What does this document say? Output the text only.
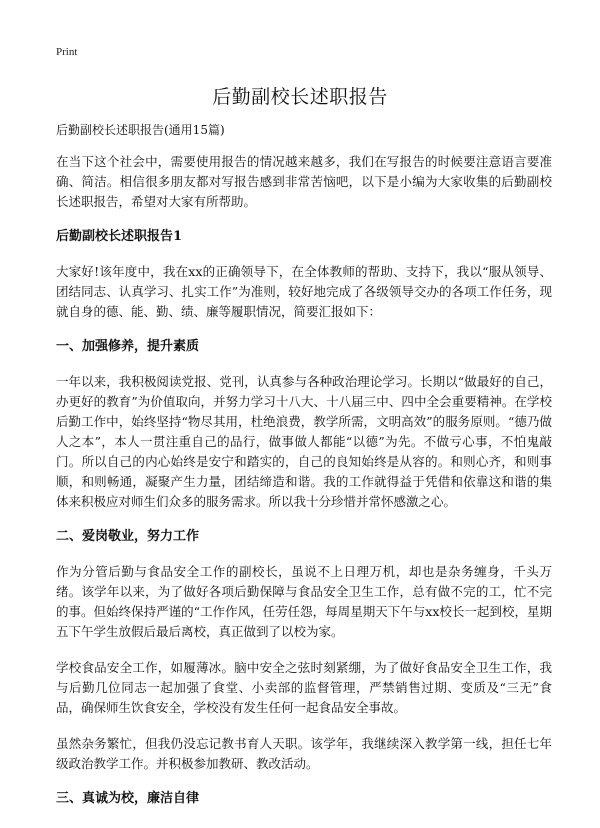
Print
后勤副校长述职报告
后勤副校长述职报告(通用15篇)

在当下这个社会中，需要使用报告的情况越来越多，我们在写报告的时候要注意语言要准确、简洁。相信很多朋友都对写报告感到非常苦恼吧，以下是小编为大家收集的后勤副校长述职报告，希望对大家有所帮助。

后勤副校长述职报告1

大家好!该年度中，我在xx的正确领导下，在全体教师的帮助、支持下，我以“服从领导、团结同志、认真学习、扎实工作”为准则，较好地完成了各级领导交办的各项工作任务，现就自身的德、能、勤、绩、廉等履职情况，简要汇报如下：

一、加强修养，提升素质

一年以来，我积极阅读党报、党刊，认真参与各种政治理论学习。长期以“做最好的自己，办更好的教育”为价值取向，并努力学习十八大、十八届三中、四中全会重要精神。在学校后勤工作中，始终坚持“物尽其用，杜绝浪费，教学所需，文明高效”的服务原则。“德乃做人之本”，本人一贯注重自己的品行，做事做人都能“以德”为先。不做亏心事，不怕鬼敲门。所以自己的内心始终是安宁和踏实的，自己的良知始终是从容的。和则心齐，和则事顺，和则畅通，凝聚产生力量，团结缔造和谐。我的工作就得益于凭借和依靠这和谐的集体来积极应对师生们众多的服务需求。所以我十分珍惜并常怀感激之心。

二、爱岗敬业，努力工作

作为分管后勤与食品安全工作的副校长，虽说不上日理万机，却也是杂务缠身，千头万绪。该学年以来，为了做好各项后勤保障与食品安全卫生工作，总有做不完的工，忙不完的事。但始终保持严谨的“工作作风，任劳任怨，每周星期天下午与xx校长一起到校，星期五下午学生放假后最后离校，真正做到了以校为家。

学校食品安全工作，如履薄冰。脑中安全之弦时刻紧绷，为了做好食品安全卫生工作，我与后勤几位同志一起加强了食堂、小卖部的监督管理，严禁销售过期、变质及“三无”食品，确保师生饮食安全，学校没有发生任何一起食品安全事故。

虽然杂务繁忙，但我仍没忘记教书育人天职。该学年，我继续深入教学第一线，担任七年级政治教学工作。并积极参加教研、教改活动。

三、真诚为校，廉洁自律
